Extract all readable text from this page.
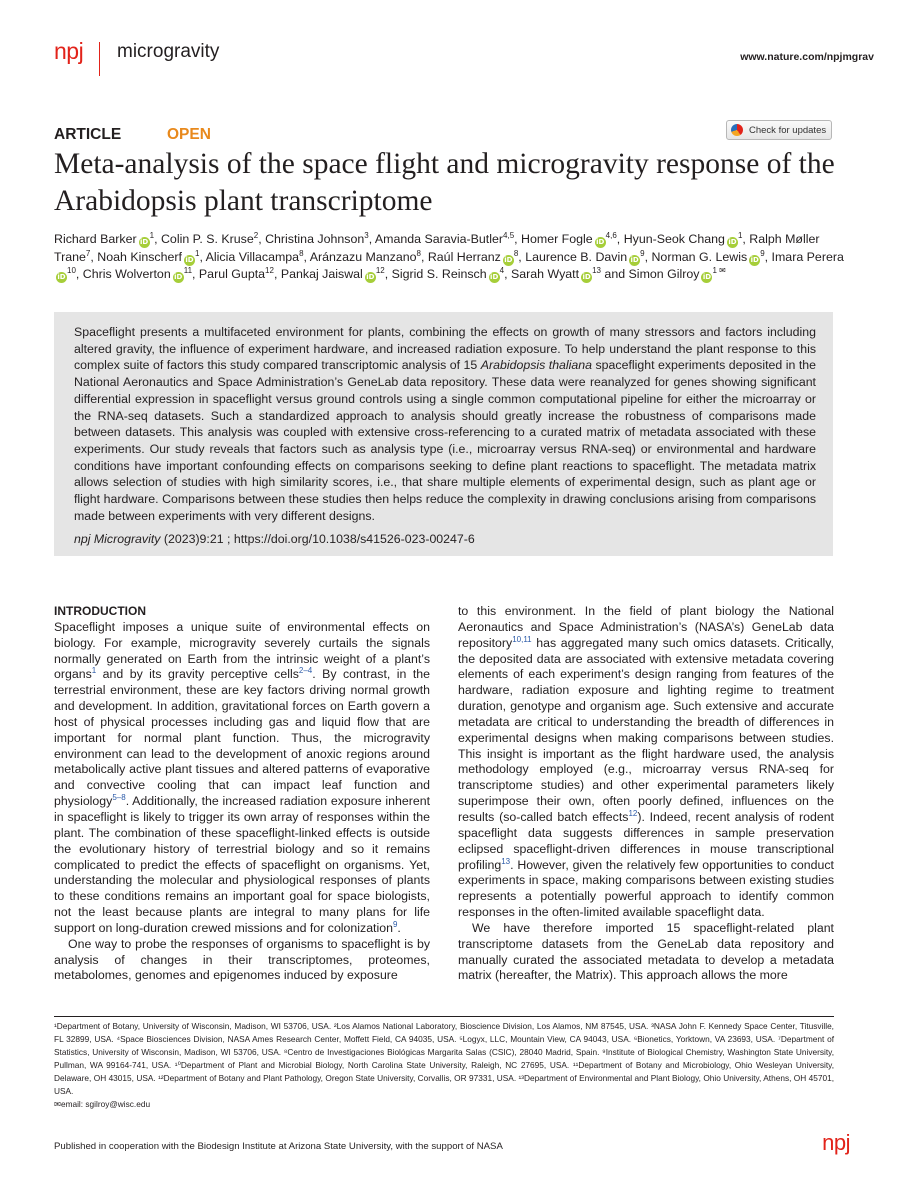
npj microgravity	www.nature.com/npjmgrav
ARTICLE	OPEN	Check for updates
Meta-analysis of the space flight and microgravity response of the Arabidopsis plant transcriptome
Richard Barker $iD^1$, Colin P. S. Kruse$^2$, Christina Johnson$^3$, Amanda Saravia-Butler$^{4,5}$, Homer Fogle iD$^{4,6}$, Hyun-Seok Chang $iD^1$, Ralph Møller Trane$^7$, Noah Kinscherf $iD^1$, Alicia Villacampa$^8$, Aránzazu Manzano$^8$, Raúl Herranz $iD^8$, Laurence B. Davin $iD^9$, Norman G. Lewis $iD^9$, Imara PereraiD$^{10}$, Chris Wolverton $iD^{11}$, Parul Gupta$^{12}$, Pankaj Jaiswal $iD^{12}$, Sigrid S. Reinsch $iD^4$, Sarah Wyatt $iD^{13}$ and Simon Gilroy $iD^{1 ✉}$

Spaceflight presents a multifaceted environment for plants, combining the effects on growth of many stressors and factors including altered gravity, the influence of experiment hardware, and increased radiation exposure. To help understand the plant response to this complex suite of factors this study compared transcriptomic analysis of 15 Arabidopsis thaliana spaceflight experiments deposited in the National Aeronautics and Space Administration’s GeneLab data repository. These data were reanalyzed for genes showing significant differential expression in spaceflight versus ground controls using a single common computational pipeline for either the microarray or the RNA-seq datasets. Such a standardized approach to analysis should greatly increase the robustness of comparisons made between datasets. This analysis was coupled with extensive cross-referencing to a curated matrix of metadata associated with these experiments. Our study reveals that factors such as analysis type (i.e., microarray versus RNA-seq) or environmental and hardware conditions have important confounding effects on comparisons seeking to define plant reactions to spaceflight. The metadata matrix allows selection of studies with high similarity scores, i.e., that share multiple elements of experimental design, such as plant age or flight hardware. Comparisons between these studies then helps reduce the complexity in drawing conclusions arising from comparisons made between experiments with very different designs.

npj Microgravity (2023)9:21 ; https://doi.org/10.1038/s41526-023-00247-6

INTRODUCTION

Spaceflight imposes a unique suite of environmental effects on biology. For example, microgravity severely curtails the signals normally generated on Earth from the intrinsic weight of a plant’s organs$^1$ and by its gravity perceptive cells$^{2-4}$. By contrast, in the terrestrial environment, these are key factors driving normal growth and development. In addition, gravitational forces on Earth govern a host of physical processes including gas and liquid flow that are important for normal plant function. Thus, the microgravity environment can lead to the development of anoxic regions around metabolically active plant tissues and altered patterns of evaporative and convective cooling that can impact leaf function and physiology$^{5-8}$. Additionally, the increased radiation exposure inherent in spaceflight is likely to trigger its own array of responses within the plant. The combination of these spaceflight-linked effects is outside the evolutionary history of terrestrial biology and so it remains complicated to predict the effects of spaceflight on organisms. Yet, understanding the molecular and physiological responses of plants to these conditions remains an important goal for space biologists, not the least because plants are integral to many plans for life support on long-duration crewed missions and for colonization$^9$.

One way to probe the responses of organisms to spaceflight is by analysis of changes in their transcriptomes, proteomes, metabolomes, genomes and epigenomes induced by exposure

to this environment. In the field of plant biology the National Aeronautics and Space Administration’s (NASA’s) GeneLab data repository$^{10,11}$ has aggregated many such omics datasets. Critically, the deposited data are associated with extensive metadata covering elements of each experiment’s design ranging from features of the hardware, radiation exposure and lighting regime to treatment duration, genotype and organism age. Such extensive and accurate metadata are critical to understanding the breadth of differences in experimental designs when making comparisons between studies. This insight is important as the flight hardware used, the analysis methodology employed (e.g., microarray versus RNA-seq for transcriptome studies) and other experimental parameters likely superimpose their own, often poorly defined, influences on the results (so-called batch effects$^{12}$). Indeed, recent analysis of rodent spaceflight data suggests differences in sample preservation eclipsed spaceflight-driven differences in mouse transcriptional profiling$^{13}$. However, given the relatively few opportunities to conduct experiments in space, making comparisons between existing studies represents a potentially powerful approach to identify common responses in the often-limited available spaceflight data.

We have therefore imported 15 spaceflight-related plant transcriptome datasets from the GeneLab data repository and manually curated the associated metadata to develop a metadata matrix (hereafter, the Matrix). This approach allows the more

¹Department of Botany, University of Wisconsin, Madison, WI 53706, USA. ²Los Alamos National Laboratory, Bioscience Division, Los Alamos, NM 87545, USA. ³NASA John F. Kennedy Space Center, Titusville, FL 32899, USA. ⁴Space Biosciences Division, NASA Ames Research Center, Moffett Field, CA 94035, USA. ⁵Logyx, LLC, Mountain View, CA 94043, USA. ⁶Bionetics, Yorktown, VA 23693, USA. ⁷Department of Statistics, University of Wisconsin, Madison, WI 53706, USA. ⁸Centro de Investigaciones Biológicas Margarita Salas (CSIC), 28040 Madrid, Spain. ⁹Institute of Biological Chemistry, Washington State University, Pullman, WA 99164-741, USA. ¹⁰Department of Plant and Microbial Biology, North Carolina State University, Raleigh, NC 27695, USA. ¹¹Department of Botany and Microbiology, Ohio Wesleyan University, Delaware, OH 43015, USA. ¹²Department of Botany and Plant Pathology, Oregon State University, Corvallis, OR 97331, USA. ¹³Department of Environmental and Plant Biology, Ohio University, Athens, OH 45701, USA.

✉email: sgilroy@wisc.edu

Published in cooperation with the Biodesign Institute at Arizona State University, with the support of NASA	npj
